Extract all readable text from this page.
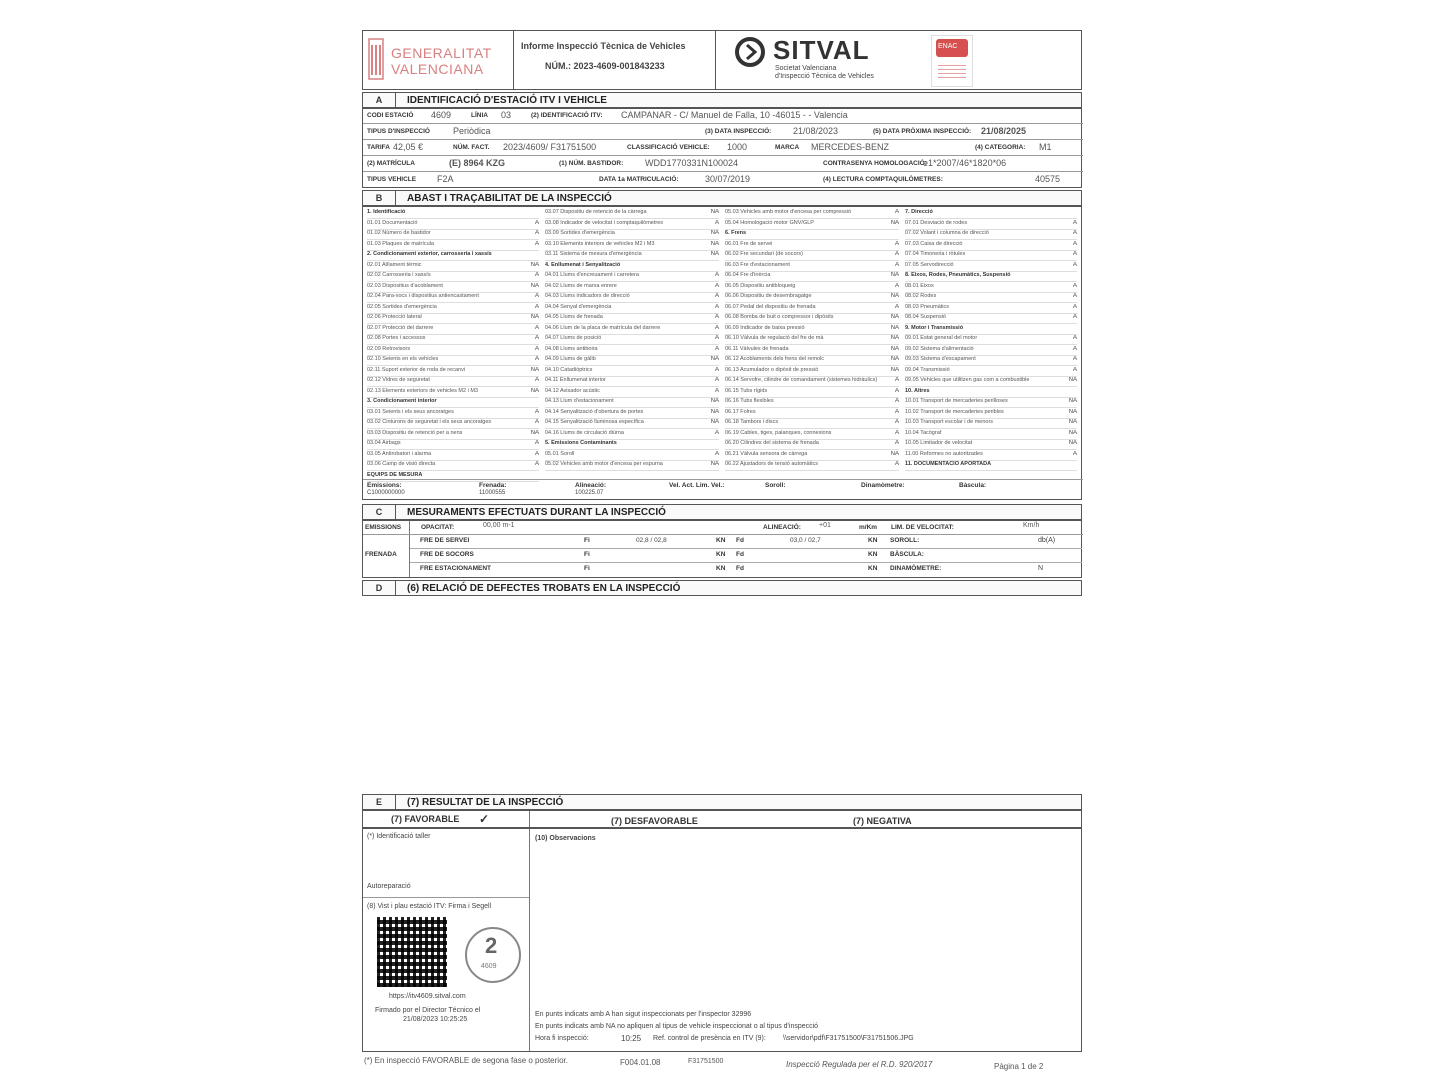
GENERALITAT
VALENCIANA
Informe Inspecció Tècnica de Vehicles
NÚM.: 2023-4609-001843233
SITVAL
Societat Valenciana
d'Inspecció Tècnica de Vehicles
ENAC
A	IDENTIFICACIÓ D'ESTACIÓ ITV I VEHICLE
CODI ESTACIÓ 4609	LÍNIA 03	(2) IDENTIFICACIÓ ITV: CAMPANAR - C/ Manuel de Falla, 10 -46015 - - Valencia
TIPUS D'INSPECCIÓ	Periòdica	(3) DATA INSPECCIÓ: 21/08/2023	(5) DATA PRÒXIMA INSPECCIÓ: 21/08/2025
TARIFA 42,05 €	NÚM. FACT. 2023/4609/ F31751500	CLASSIFICACIÓ VEHICLE: 1000	MARCA MERCEDES-BENZ	(4) CATEGORIA: M1
(2) MATRÍCULA	(E) 8964 KZG	(1) NÚM. BASTIDOR: WDD1770331N100024	CONTRASENYA HOMOLOGACIÓ:
e1*2007/46*1820*06
TIPUS VEHICLE F2A	DATA 1a MATRICULACIÓ:	30/07/2019	(4) LECTURA COMPTAQUILÒMETRES:	40575
B	ABAST I TRAÇABILITAT DE LA INSPECCIÓ
1. Identificació
01.01 Documentació	A
01.02 Número de bastidor	A
01.03 Plaques de matrícula	A
2. Condicionament exterior, carrosseria i xassís
02.01 Aïllament tèrmic	NA
02.02 Carrosseria i xassís	A
02.03 Dispositius d'acoblament	NA
02.04 Para-xocs i dispositius antiencastament	A
02.05 Sortides d'emergència	A
02.06 Protecció lateral	NA
02.07 Protecció del darrere	A
02.08 Portes i accessos	A
02.09 Retrovisors	A
02.10 Seients en els vehicles	A
02.11 Suport exterior de roda de recanvi	NA
02.12 Vidres de seguretat	A
02.13 Elements exteriors de vehicles M2 i M3	NA
3. Condicionament interior
03.01 Seients i els seus ancoratges	A
03.02 Cinturons de seguretat i els seus ancoratges	A
03.03 Dispositiu de retenció per a nens	NA
03.04 Airbags	A
03.05 Antirobatori i alarma	A
03.06 Camp de visió directa	A
EQUIPS DE MESURA
03.07 Dispositiu de retenció de la càrrega	NA
03.08 Indicador de velocitat i comptaquilòmetres	A
03.09 Sortides d'emergència	NA
03.10 Elements interiors de vehicles M2 i M3	NA
03.11 Sistema de mesura d'emergència	NA
4. Enllumenat i Senyalització
04.01 Llums d'encreuament i carretera	A
04.02 Llums de marxa enrere	A
04.03 Llums indicadors de direcció	A
04.04 Senyal d'emergència	A
04.05 Llums de frenada	A
04.06 Llum de la placa de matrícula del darrere	A
04.07 Llums de posició	A
04.08 Llums antiboira	A
04.09 Llums de gàlib	NA
04.10 Catadiòptrics	A
04.11 Enllumenat interior	A
04.12 Avisador acústic	A
04.13 Llum d'estacionament	NA
04.14 Senyalització d'obertura de portes	NA
04.15 Senyalització lluminosa específica	NA
04.16 Llums de circulació diürna	A
5. Emissions Contaminants
05.01 Soroll	A
05.02 Vehicles amb motor d'encesa per espurna	NA
05.03 Vehicles amb motor d'encesa per compressió	A
05.04 Homologació motor GNV/GLP	NA
6. Frens
06.01 Fre de servei	A
06.02 Fre secundari (de socors)	A
06.03 Fre d'estacionament	A
06.04 Fre d'inèrcia	NA
06.05 Dispositiu antibloqueig	A
06.06 Dispositiu de desembragatge	NA
06.07 Pedal del dispositiu de frenada	A
06.08 Bomba de buit o compressor i dipòsits	NA
06.09 Indicador de baixa pressió	NA
06.10 Vàlvula de regulació del fre de mà	NA
06.11 Vàlvules de frenada	NA
06.12 Acoblaments dels frens del remolc	NA
06.13 Acumulador o dipòsit de pressió	NA
06.14 Servofre, cilindre de comandament (sistemes hidràulics)	A
06.15 Tubs rígids	A
06.16 Tubs flexibles	A
06.17 Folres	A
06.18 Tambors i discs	A
06.19 Cables, tiges, palanques, connexions	A
06.20 Cilindres del sistema de frenada	A
06.21 Vàlvula sensora de càrrega	NA
06.22 Ajustadors de tensió automàtics	A
7. Direcció
07.01 Desviació de rodes	A
07.02 Volant i columna de direcció	A
07.03 Caixa de direcció	A
07.04 Timoneria i ròtules	A
07.05 Servodirecció	A
8. Eixos, Rodes, Pneumàtics, Suspensió
08.01 Eixos	A
08.02 Rodes	A
08.03 Pneumàtics	A
08.04 Suspensió	A
9. Motor i Transmissió
09.01 Estat general del motor	A
09.02 Sistema d'alimentació	A
09.03 Sistema d'escapament	A
09.04 Transmissió	A
09.05 Vehicles que utilitzen gas com a combustible	NA
10. Altres
10.01 Transport de mercaderies perilloses	NA
10.02 Transport de mercaderies peribles	NA
10.03 Transport escolar i de menors	NA
10.04 Tacògraf	NA
10.05 Limitador de velocitat	NA
11.00 Reformes no autoritzades	A
11. DOCUMENTACIÓ APORTADA
Emissions:
C1000000000
Frenada:
11000555
Alineació:
100225.07
Vel. Act. Lim. Vel.:	Soroll:	Dinamòmetre:	Bàscula:
C	MESURAMENTS EFECTUATS DURANT LA INSPECCIÓ
EMISSIONS	OPACITAT:	00,00 m-1	ALINEACIÓ:	+01	m/Km LIM. DE VELOCITAT:	Km/h
FRENADA
FRE DE SERVEI	Fi	02,8 / 02,8	KN Fd	03,0 / 02,7	KN SOROLL:	db(A)
FRE DE SOCORS	Fi	KN Fd	KN BÀSCULA:
FRE ESTACIONAMENT	Fi	KN Fd	KN DINAMÒMETRE:	N
D	(6) RELACIÓ DE DEFECTES TROBATS EN LA INSPECCIÓ
E	(7) RESULTAT DE LA INSPECCIÓ
(7) FAVORABLE ✓	(7) DESFAVORABLE	(7) NEGATIVA
(*) Identificació taller
Autoreparació
(8) Vist i plau estació ITV: Firma i Segell
2
4609
https://itv4609.sitval.com
Firmado por el Director Técnico el
21/08/2023 10:25:25
(10) Observacions
En punts indicats amb A han sigut inspeccionats per l'inspector 32996
En punts indicats amb NA no apliquen al tipus de vehicle inspeccionat o al tipus d'inspecció
Hora fi inspecció:	10:25 Ref. control de presència en ITV (9): \\servidor\pdf\F31751500\F31751506.JPG
(*) En inspecció FAVORABLE de segona fase o posterior.	F004.01.08	F31751500	Inspecció Regulada per el R.D. 920/2017	Pàgina 1 de 2
